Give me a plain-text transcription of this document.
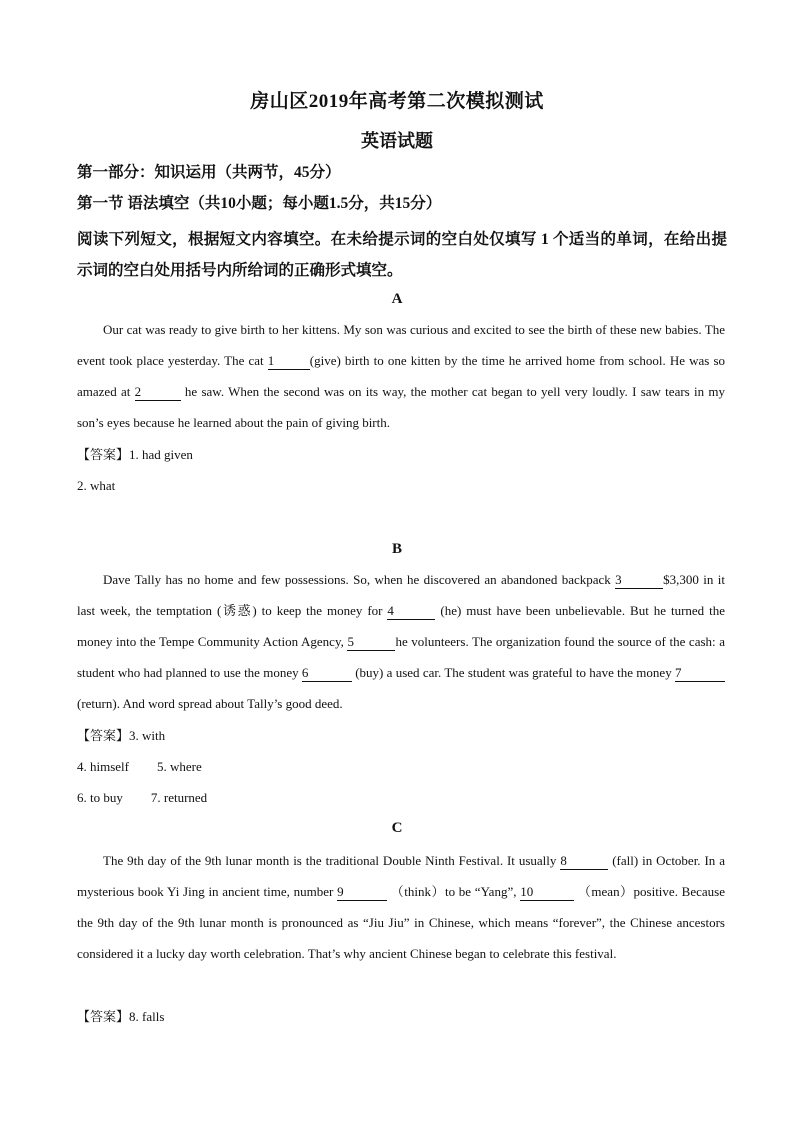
房山区2019年高考第二次模拟测试
英语试题
第一部分：知识运用（共两节，45分）
第一节 语法填空（共10小题；每小题1.5分，共15分）
阅读下列短文，根据短文内容填空。在未给提示词的空白处仅填写 1 个适当的单词，在给出提示词的空白处用括号内所给词的正确形式填空。
A
Our cat was ready to give birth to her kittens. My son was curious and excited to see the birth of these new babies. The event took place yesterday. The cat 1	(give) birth to one kitten by the time he arrived home from school. He was so amazed at 2	he saw. When the second was on its way, the mother cat began to yell very loudly. I saw tears in my son’s eyes because he learned about the pain of giving birth.
【答案】1. had given
2. what
B
Dave Tally has no home and few possessions. So, when he discovered an abandoned backpack 3	$3,300 in it last week, the temptation (诱惑) to keep the money for 4	(he) must have been unbelievable. But he turned the money into the Tempe Community Action Agency, 5	he volunteers. The organization found the source of the cash: a student who had planned to use the money 6	(buy) a used car. The student was grateful to have the money 7(return). And word spread about Tally’s good deed.
【答案】3. with
4. himself 5. where
6. to buy 7. returned
C
The 9th day of the 9th lunar month is the traditional Double Ninth Festival. It usually 8	(fall) in October. In a mysterious book Yi Jing in ancient time, number 9	（think）to be “Yang”, 10	（mean）positive. Because the 9th day of the 9th lunar month is pronounced as “Jiu Jiu” in Chinese, which means “forever”, the Chinese ancestors considered it a lucky day worth celebration. That’s why ancient Chinese began to celebrate this festival.
【答案】8. falls
